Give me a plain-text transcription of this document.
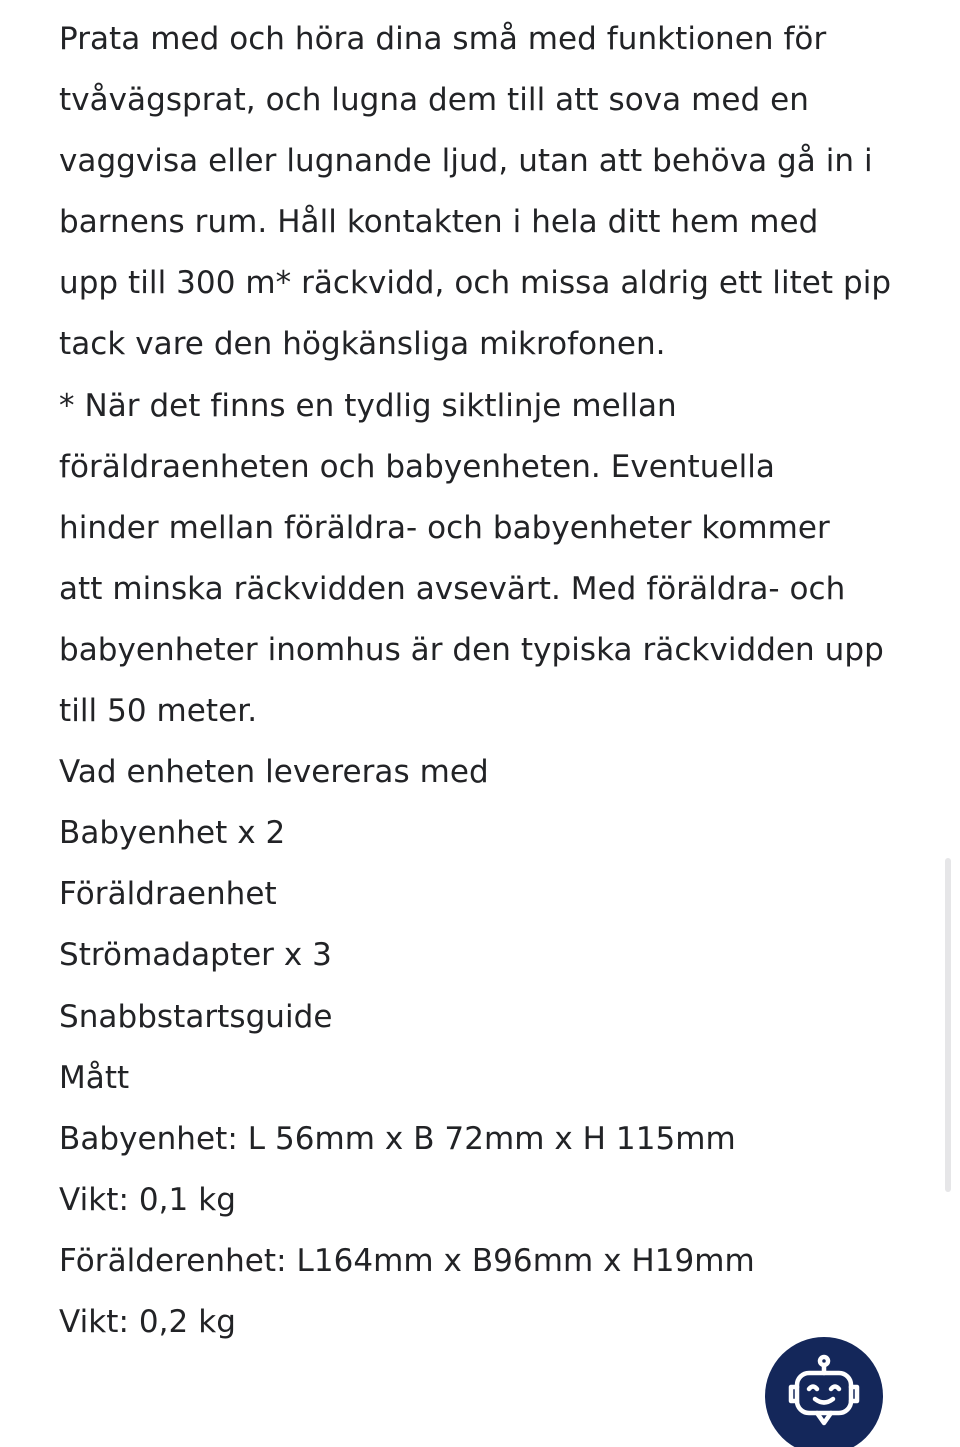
Prata med och höra dina små med funktionen för
tvåvägsprat, och lugna dem till att sova med en
vaggvisa eller lugnande ljud, utan att behöva gå in i
barnens rum. Håll kontakten i hela ditt hem med
upp till 300 m* räckvidd, och missa aldrig ett litet pip
tack vare den högkänsliga mikrofonen.
* När det finns en tydlig siktlinje mellan
föräldraenheten och babyenheten. Eventuella
hinder mellan föräldra- och babyenheter kommer
att minska räckvidden avsevärt. Med föräldra- och
babyenheter inomhus är den typiska räckvidden upp
till 50 meter.
Vad enheten levereras med
Babyenhet x 2
Föräldraenhet
Strömadapter x 3
Snabbstartsguide
Mått
Babyenhet: L 56mm x B 72mm x H 115mm
Vikt: 0,1 kg
Förälderenhet: L164mm x B96mm x H19mm
Vikt: 0,2 kg
